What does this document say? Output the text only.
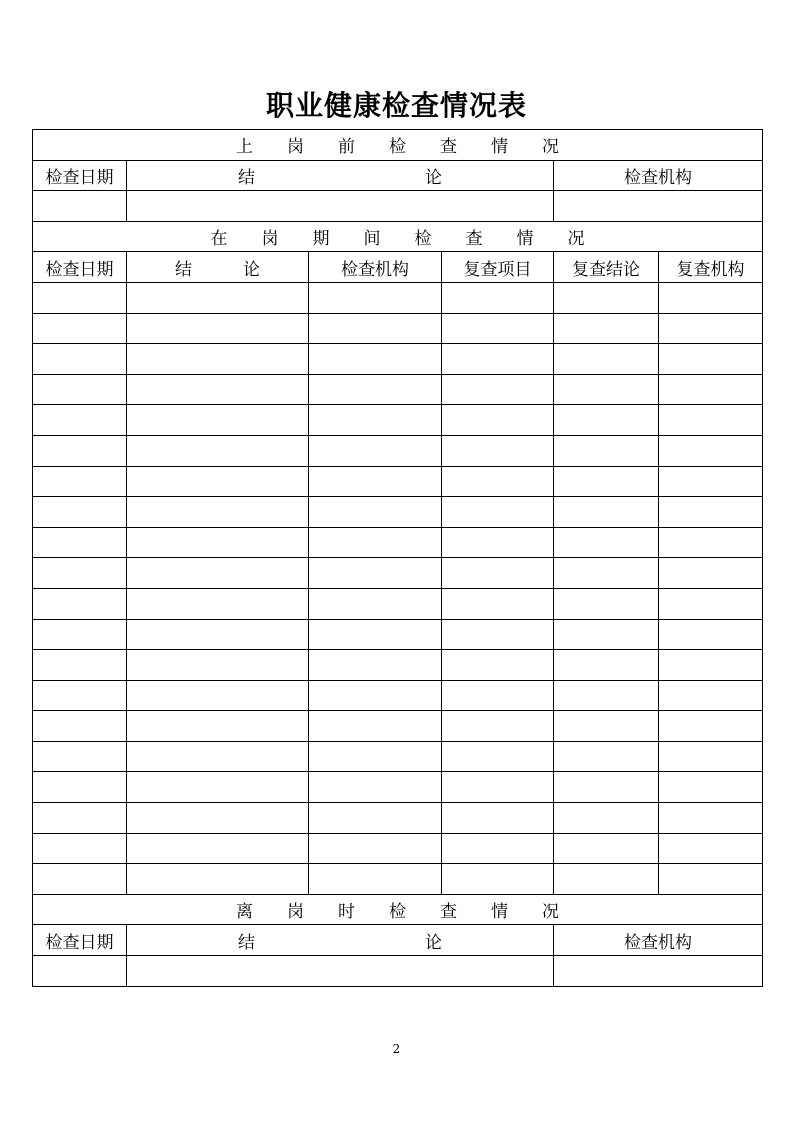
职业健康检查情况表
上　　岗　　前　　检　　查　　情　　况					
检查日期	结　　　　　　　　　　论			检查机构	

在　　岗　　期　　间　　检　　查　　情　　况					
检查日期	结　　　论	检查机构	复查项目	复查结论	复查机构

离　　岗　　时　　检　　查　　情　　况					
检查日期	结　　　　　　　　　　论			检查机构	

2
